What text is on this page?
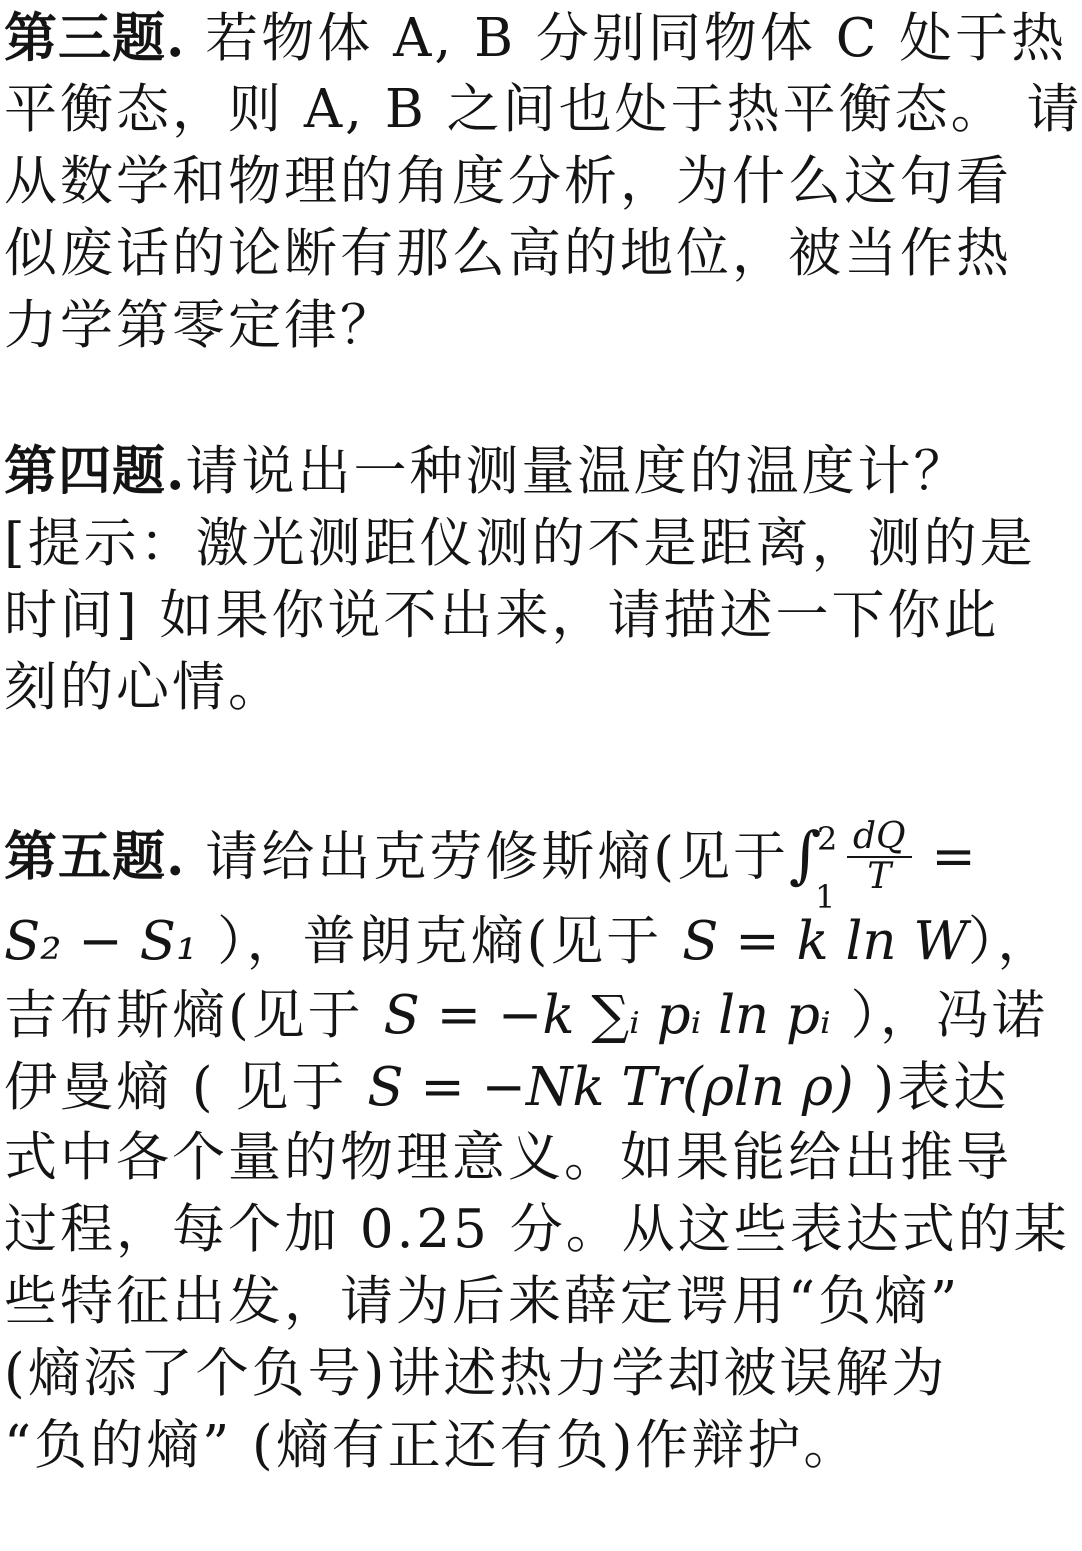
第三题. 若物体 A, B 分别同物体 C 处于热
平衡态，则 A, B 之间也处于热平衡态。 请
从数学和物理的角度分析，为什么这句看
似废话的论断有那么高的地位，被当作热
力学第零定律？
第四题.请说出一种测量温度的温度计？
[提示：激光测距仪测的不是距离，测的是
时间] 如果你说不出来，请描述一下你此
刻的心情。
第五题. 请给出克劳修斯熵(见于 ∫
2
1
$\frac{dQ}{T}$ =
S₂ − S₁ ），普朗克熵(见于 S = k ln W），
吉布斯熵(见于 S = −k ∑ᵢ pᵢ ln pᵢ ），冯诺
伊曼熵 ( 见于 S = −Nk Tr(ρln ρ) )表达
式中各个量的物理意义。如果能给出推导
过程，每个加 0.25 分。从这些表达式的某
些特征出发，请为后来薛定谔用“负熵”
(熵添了个负号)讲述热力学却被误解为
“负的熵” (熵有正还有负)作辩护。
